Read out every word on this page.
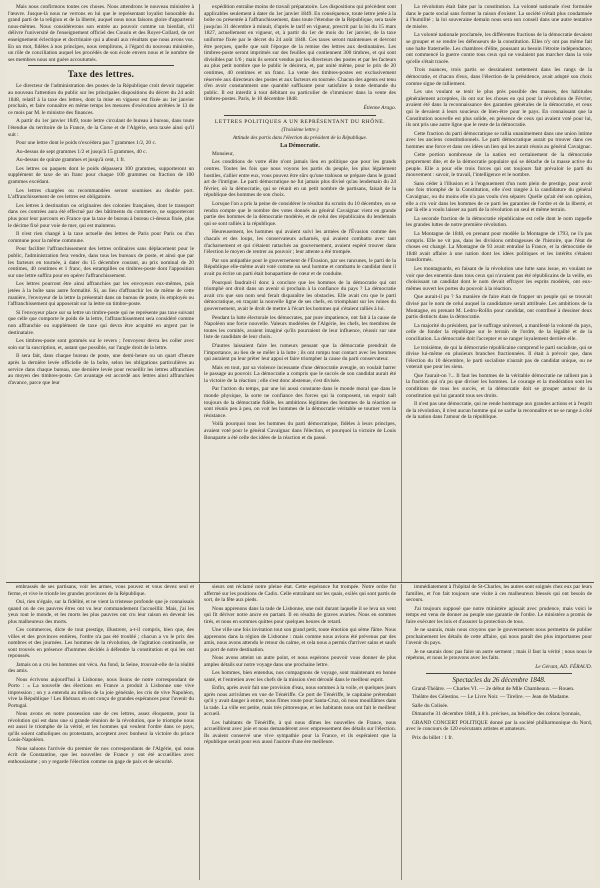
Mais nous confirmons toutes ces choses. Nous attendrons le nouveau ministère à l'œuvre. Jusque-là nous ne verrons en lui que le représentant loyalist honorable du grand parti de la religion et de la liberté, auquel nous nous faisons gloire d'appartenir nous-mêmes. Nous considérerons son entrée au pouvoir comme un bienfait, s'il délivre l'université de l'enseignement officiel des Cousin et des Royer-Collard, de cet enseignement éclectique et doctrinaire qui a abouti aux résultats que nous avons vus. En un mot, fidèles à nos principes, nous remplirons, à l'égard du nouveau ministère, un rôle de conciliation auquel les procédés de son école envers nous et le nombre de ses membres nous ont guère accoutumés.

Taxe des lettres.

Le directeur de l'administration des postes de la République croit devoir rappeler au nouveau l'attention du public sur les principales dispositions du décret du 24 août 1848, relatif à la taxe des lettres, dont la mise en vigueur est fixée au 1er janvier prochain, et faire connaître en même temps les mesures d'exécution arrêtées le 13 de ce mois par M. le ministre des finances.

A partir du 1er janvier 1849, toute lettre circulant de bureau à bureau, dans toute l'étendue du territoire de la France, de la Corse et de l'Algérie, sera taxée ainsi qu'il suit :

Pour une lettre dont le poids n'excédera pas 7 grammes 1/2, 20 c.

Au-dessus de sept grammes 1/2 et jusqu'à 15 grammes, 40 c.

Au-dessus de quinze grammes et jusqu'à cent, 1 fr.

Les lettres ou paquets dont le poids dépassera 100 grammes, supporteront un supplément de taxe de un franc pour chaque 100 grammes ou fraction de 100 grammes excédant.

Les lettres chargées ou recommandées seront soumises au double port. L'affranchissement de ces lettres est obligatoire.

Les lettres à destination ou originaires des colonies françaises, dont le transport dans ces contrées aura été effectué par des bâtiments du commerce, ne supporteront plus pour leur parcours en France que la taxe de bureau à bureau ci-dessus fixée, plus le décime fixé pour voie de mer, qui est maintenu.

Il n'est rien changé à la taxe actuelle des lettres de Paris pour Paris ou d'un commune pour la même commune.

Pour faciliter l'affranchissement des lettres ordinaires sans déplacement pour le public, l'administration fera vendre, dans tous les bureaux de poste, et ainsi que par les facteurs en tournée, à dater du 15 décembre courant, au prix nominal de 20 centimes, 40 centimes et 1 franc, des estampilles ou timbres-poste dont l'apposition sur une lettre suffira pour en opérer l'affranchissement.

Les lettres pourront être ainsi affranchies par les envoyeurs eux-mêmes, puis jetées à la boîte sans autre formalité. Si, au lieu d'affranchir les de même de cette manière, l'envoyeur de la lettre la présentait dans un bureau de poste, ils employés ou l'affranchissement qui apposerait sur la lettre un timbre-poste.

Si l'envoyeur place sur sa lettre un timbre-poste qui ne représente pas taxe suivant que celle que comporte le poids de la lettre, l'affranchissement sera considéré comme non affranchie ou supplément de taxe qui devra être acquitté en argent par le destinataire.

Les timbres-poste sont gommés sur le revers ; l'envoyeur devra les coller avec soin sur la suscription, et, autant que possible, sur l'angle droit de la lettre.

Il sera fait, dans chaque bureau de poste, une demi-heure ou un quart d'heure après la dernière levée officielle de la boîte, selon les obligations particulières au service dans chaque bureau, une dernière levée pour recueillir les lettres affranchies au moyen des timbres-poste. Cet avantage est accordé aux lettres ainsi affranchies d'avance, parce que leur

expédition entraîne moins de travail préparatoire. Les dispositions qui précèdent sont applicables seulement à dater du 1er janvier 1849. En conséquence, toute lettre jetée à la boîte ou présentée à l'affranchissement, dans toute l'étendue de la République, sera taxée jusqu'au 31 décembre à minuit, d'après le tarif en vigueur, prescrit par la loi du 15 mars 1827, actuellement en vigueur, et, à partir du 1er de mois du 1er janvier, de la taxe uniforme fixée par le décret du 24 août 1848. Ces taxes seront maintenues et devront être perçues, quelle que soit l'époque de la remise des lettres aux destinataires. Les timbres-poste seront imprimés sur des feuilles qui contiennent 300 timbres, et qui sont divisibles par 1/6 ; mais ils seront vendus par les directeurs des postes et par les facteurs au plus petit nombre que le public le désirera, et, par unité même, pour le prix de 20 centimes, 40 centimes et un franc. La vente des timbres-postes est exclusivement réservée aux directeurs des postes et aux facteurs en tournée. Chacun des agents est tenu d'en avoir constamment une quantité suffisante pour satisfaire à toute demande du public. Il est interdit à tout débitant ou particulier de s'immiscer dans la vente des timbres-postes. Paris, le 10 décembre 1848.

Étienne Arago.
LETTRES POLITIQUES A UN REPRÉSENTANT DU RHÔNE.
(Troisième lettre.)
Attitude des partis dans l'élection du président de la République.
La Démocratie.

Monsieur,

Les conditions de votre élite n'ont jamais lieu en politique que pour les grands centres. Toutes les fois que nous voyons les partis du peuple, les plus légalement hostiles, s'allier entre eux, vous pouvez être sûrs qu'une trahison se prépare dans le grand art de l'intrigue. Le parti démocratique ne fut jamais plus divisé qu'au lendemain du 24 février, où la démocratie, qui se réunit en un petit nombre de partisans, faisait de la république des hommes de son choix.

Lorsque l'on a pris la peine de considérer le résultat du scrutin du 10 décembre, on se rendra compte que le nombre des votes donnés au général Cavaignac vient en grande partie des hommes de la démocratie modérée, et de celui des républicains du lendemain qui se sont ralliés à la république.

Heureusement, les hommes qui avaient suivi les armées de l'Évasion comme des chacals et des loups, les conservateurs acharnés, qui avaient combattu avec tant d'acharnement et qui s'étaient rattachés au gouvernement, avaient espéré trouver dans l'élection le moyen de rentrer au pouvoir ; leur attente a été trompée.

Par son antipathie pour le gouvernement de l'Évasion, par ses rancunes, le parti de la République elle-même avait voté comme un seul homme et combattu le candidat dont il avait pu écrire un parti était bonapartiste de cœur et de conduite.

Pourquoi faudrait-il donc à conclure que les hommes de la démocratie qui ont triomphé ont droit dans un avenir si prochain à la confiance du pays ? La démocratie avait cru que son nom seul ferait disparaître les obstacles. Elle avait cru que le parti démocratique, en traçant la nouvelle ligne de ses chefs, en triomphant sur les ruines du gouvernement, avait le droit de mettre à l'écart les hommes qui s'étaient ralliés à lui.

Pendant la lutte électorale les démocrates, par pure impatience, ont fait à la cause de Napoléon une force nouvelle. Valeurs modérées de l'Algérie, les chefs, les membres de toutes les comités, avaient imaginé qu'ils pourraient de leur influence, réussir sur une liste de candidats de leur choix.

D'autres laissaient faire les rumeurs pensant que la démocratie prendrait de l'importance, au lieu de se mêler à la lutte ; ils ont rompu tout contact avec les hommes qui auraient pu leur prêter leur appui et faire triompher la cause du parti conservateur.

Mais en tout, par sa violence incessante d'une démocratie aveugle, on voulait barrer le passage au pouvoir. La démocratie a compris que le succès de son candidat aurait été la victoire de la réaction ; elle s'est donc abstenue, s'est divisée.

Par l'action du temps, par une loi aussi constante dans le monde moral que dans le monde physique, la sorte ne confiance des forces qui la composent, un espoir naît toujours de la démocratie fidèle, les ambitions légitimes des hommes de la réaction se sont réunis peu à peu, on voit les hommes de la démocratie véritable se tourner vers la résistance.

Voilà pourquoi tous les hommes du parti démocratique, fidèles à leurs principes, avaient voté pour le général Cavaignac dans l'élection, et pourquoi la victoire de Louis Bonaparte a été celle des idées de la réaction et du passé.

La révolution était faite par la constitution. La volonté nationale s'est formulée dans le pacte social sans former la raison d'exister. La société n'était plus condamnée à l'humilité ; la loi souveraine demain nous sera son conseil dans une autre tentative de misère.

La volonté nationale proclamée, les différentes fractions de la démocratie devaient se grouper et se rendre les défenseurs de la constitution. Elles n'y ont pas même fait une halte fraternelle. Les chambres d'élite, poussant au besoin l'étroite indépendance, ont commencé la guerre contre tous ceux qui ne voulaient pas marcher dans la voie qu'elle s'était tracée.

Trois nuances, trois partis se dessinaient nettement dans les rangs de la démocratie, et chacun d'eux, dans l'élection de la présidence, avait adopté son choix comme signe de ralliement.

Les uns voulant se tenir le plus près possible des masses, des habitudes généralement acceptées, ils ont sur les choses en qui pour la révolution de Février, avaient été dans la reconnaissance des garanties générales de la démocratie, et ceux qui le devaient à leurs soucieux de bien-être pour le pays. En connaissant que la Constitution nouvelle est plus solide, en présence de ceux qui avaient voté pour lui, ils ont pris une autre ligne que le reste de la démocratie.

Cette fraction du parti démocratique se rallia unanimement dans une union intime avec les anciens constitutionnels. Le parti démocratique aurait pu trouver dans ces hommes une force et dans ces idées un lien qui les aurait réunis au général Cavaignac.

Cette portion nombreuse de la nation est certainement de la démocratie proprement dite, et de la démocratie populaire qui se détache de la masse active du peuple. Elle a pour elle trois forces qui ont toujours fait prévaloir le parti du mouvement : savoir, le travail, l'intelligence et le nombre.

Sans céder à l'illusion et à l'engouement d'un nom plein de prestige, pour avoir une fois triomphé de la Constitution, elle s'est rangée à la candidature du général Cavaignac, ou du moins elle n'a pas voulu s'en séparer. Quelle qu'ait été son opinion, elle a cru voir dans les hommes de ce parti les garanties de l'ordre et de la liberté, et par là elle a voulu laisser au parti de la révolution un seul et même terrain.

La seconde fraction de la démocratie républicaine est celle dont le nom rappelle les grandes luttes de notre première révolution.

La Montagne de 1848, en prenant pour modèle la Montagne de 1793, ne l'a pas compris. Elle ne vit pas, dans les divisions ombrageuses de l'histoire, que l'état de choses est changé. La Montagne de 93 avait entraîné la France, et la démocratie de 1848 avait affaire à une nation dont les idées politiques et les intérêts s'étaient transformés.

Les montagnards, en faisant de la révolution une lutte sans issue, en voulant ne voir que des ennemis dans tous ceux qui n'avaient pas été républicains de la veille, en choisissant un candidat dont le nom devait effrayer les esprits modérés, ont eux-mêmes ouvert les portes du pouvoir à la réaction.

Que aurait-il pu ? Sa manière de faire était de frapper un peuple qui se trouvait divisé par le nom de celui auquel la candidature serait attribuée. Les ambitions de la Montagne, en prenant M. Ledru-Rollin pour candidat, ont contribué à dessiner deux partis distincts dans la démocratie.

La majorité du président, par le suffrage universel, a manifesté la volonté du pays, celle de fonder la république sur le terrain de l'ordre, de la légalité et de la conciliation. La démocratie doit l'accepter et se ranger loyalement derrière elle.

Le troisième, de qui la démocratie républicaine comprend le parti socialiste, qui se divise lui-même en plusieurs branches fractionnées. Il était à prévoir que, dans l'élection du 10 décembre, le parti socialiste n'aurait pas de candidat unique, ou ne voterait que pour les siens.

Que l'aurait-on ?... Il faut les hommes de la véritable démocratie ne rallient pas à la fraction qui n'a pu que diviser les hommes. Le courage et la modération sont les conditions de tous les succès, et la démocratie doit se grouper autour de la constitution qui lui garantit tous ses droits.

Il n'est pas une démocratie, qui ne rende hommage aux grandes actions et à l'esprit de la révolution, il n'est aucun homme qui ne sache la reconnaître et ne se range à côté de la nation dans l'amour de la république.

embrassés de ses partisans, voir les armes, vous pouvez et vous devez seul et ferme, et vive le trionfe les grandes provinces de la République.

Oui, rien n'égale, sur la fidélité, et ne vient la tristesse profonde que je connaissais quand on de ces pauvres êtres ont vu leur commandement l'accueillir. Mais, j'ai les yeux tout le monde, et les morts les plus pauvres ont cru leur raison en devenir les plus malheureux des morts.

Ces commerces, dicte de tout prestige, illustrent, a-t-il compris, bien que, des villes et des provinces entières, l'ordre n'a pas été troublé ; chacun a vu le prix des nombres et des journées. Les hommes de la révolution, de l'agitation continuelle, se sont trouvés en présence d'hommes décidés à défendre la constitution et qui les ont repoussés.

Jamais on a cru les hommes ont vécu. Au fond, la Seine, trouvait-elle de la réalité des amis.

Nous écrivons aujourd'hui à Lisbonne, nous lisons de notre correspondant de Porto : « La nouvelle des élections en France a produit à Lisbonne une vive impression ; on y a entendu au milieu de la joie générale, les cris de vive Napoléon, vive la République ! Les libéraux en ont conçu de grandes espérances pour l'avenir du Portugal.

Nous avons en notre possession une de ces lettres, assez éloquente, pour la révolution qui est dans une si grande réunion de la révolution, que le triomphe nous est aussi le triomphe de la vérité, et les hommes qui veulent l'ordre dans ce pays, qu'ils soient catholiques ou protestants, acceptent avec bonheur la victoire du prince Louis-Napoléon.

Nous saluons l'arrivée du premier de nos correspondants de l'Algérie, qui nous écrit de Constantine, que les nouvelles de France y ont été accueillies avec enthousiasme ; on y regarde l'élection comme un gage de paix et de sécurité.

sieurs ont réclamé notre pleine état. Cette espérance fut trompée. Notre ordre fut affermé sur les positions de Cadix. Celle entraînant sur les quais, exilés qui sont partis de sort, de la fête aux pieds.

Nous apprenons dans la rade de Lisbonne, une nuit durant laquelle il se leva un vent qui fit dériver notre ancre en partant. Il en résulta de graves avaries. Nous en sommes tirés, et nous en sommes quittes pour quelques heures de retard.

Une ville une fois invitation tout son grand petit, toute émotion qui sème l'âme. Nous apprenons dans la région de Lisbonne : mais comme nous avions été prévenus par des amis, nous avons attendu le retour du calme, et cela nous a permis d'arriver sains et saufs au port de notre destination.

Nous avons atteint un autre point, et nous espérons pouvoir vous donner de plus amples détails sur notre voyage dans une prochaine lettre.

Les hommes, bien entendus, nos compagnons de voyage, sont maintenant en bonne santé, et l'entretien avec les chefs de la mission s'est déroulé dans le meilleur esprit.

Enfin, après avoir fait une provision d'eau, nous sommes à la voile, et quelques jours après nous arrivâmes en vue de Ténériffe. Ce port de Ténériffe, le capitaine prétendant qu'il y avait danger à entrer, nous fîmes route pour Santa-Cruz, où nous mouillâmes dans la rade. La ville est petite, mais très pittoresque, et les habitants nous ont fait le meilleur accueil.

Les habitants de Ténériffe, à qui nous dîmes les nouvelles de France, nous accueillirent avec joie et nous demandèrent avec empressement des détails sur l'élection. Ils avaient conservé une vive sympathie pour la France, et ils espéraient que la république serait pour eux aussi l'aurore d'une ère meilleure.

immédiatement à l'hôpital de St-Charles, les autres sont soignés chez eux par leurs familles, et l'on fait toujours une visite à ces malheureux blessés qui ont besoin de secours.

J'ai toujours supposé que notre ministère agissait avec prudence, mais voici le temps est venu de donner au peuple une garantie de l'ordre. Le ministère a promis de faire exécuter les lois et d'assurer la protection de tous.

Je ne saurais, mais nous croyons que le gouvernement nous permettra de publier prochainement les détails de cette affaire, qui nous paraît des plus importantes pour l'avenir du pays.

Je ne saurais donc pas faire un autre serment ; mais il faut la vérité ; nous nous le répétons, et nous le prouvons avec les faits.

Le Gérant, AD. FÉRAUD.
Spectacles du 26 décembre 1848.

Grand-Théâtre. — Charles VI. — 2e début de Mlle Chambeaux. — Rouen.

Théâtre des Célestins. — Le Livre Noir. — Tirelire. — Jean de Madame.

Salle du Colisée.

Dimanche 31 décembre 1848, à 8 h. précises, au bénéfice des colons lyonnais,

GRAND CONCERT POLITIQUE donné par la société philharmonique du Nord, avec le concours de 120 exécutants artistes et amateurs.

Prix du billet : 1 fr.
